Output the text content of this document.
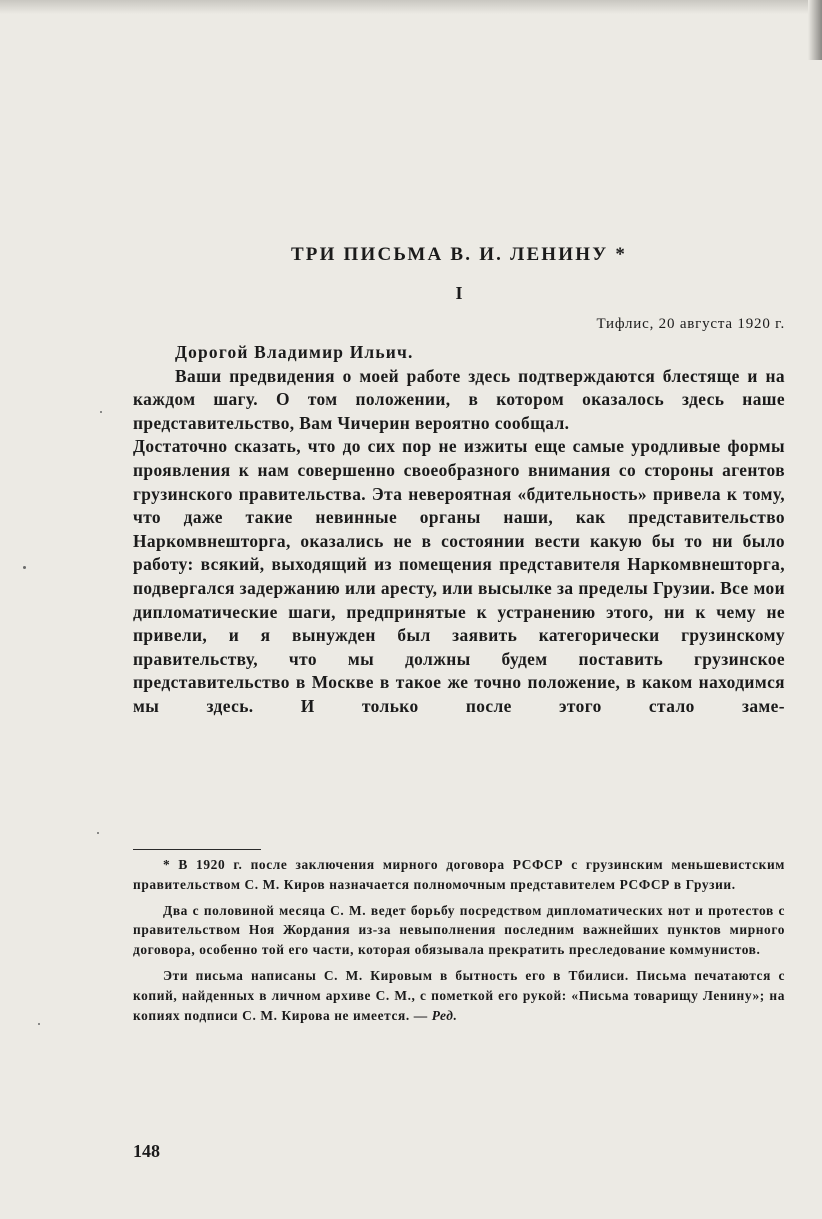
ТРИ ПИСЬМА В. И. ЛЕНИНУ *
I
Тифлис, 20 августа 1920 г.

Дорогой Владимир Ильич.

Ваши предвидения о моей работе здесь подтверждаются блестяще и на каждом шагу. О том положении, в котором оказалось здесь наше представительство, Вам Чичерин вероятно сообщал.

Достаточно сказать, что до сих пор не изжиты еще самые уродливые формы проявления к нам совершенно своеобразного внимания со стороны агентов грузинского правительства. Эта невероятная «бдительность» привела к тому, что даже такие невинные органы наши, как представительство Наркомвнешторга, оказались не в состоянии вести какую бы то ни было работу: всякий, выходящий из помещения представителя Наркомвнешторга, подвергался задержанию или аресту, или высылке за пределы Грузии. Все мои дипломатические шаги, предпринятые к устранению этого, ни к чему не привели, и я вынужден был заявить категорически грузинскому правительству, что мы должны будем поставить грузинское представительство в Москве в такое же точно положение, в каком находимся мы здесь. И только после этого стало заме-

* В 1920 г. после заключения мирного договора РСФСР с грузинским меньшевистским правительством С. М. Киров назначается полномочным представителем РСФСР в Грузии.

Два с половиной месяца С. М. ведет борьбу посредством дипломатических нот и протестов с правительством Ноя Жордания из-за невыполнения последним важнейших пунктов мирного договора, особенно той его части, которая обязывала прекратить преследование коммунистов.

Эти письма написаны С. М. Кировым в бытность его в Тбилиси. Письма печатаются с копий, найденных в личном архиве С. М., с пометкой его рукой: «Письма товарищу Ленину»; на копиях подписи С. М. Кирова не имеется. — Ред.

148
